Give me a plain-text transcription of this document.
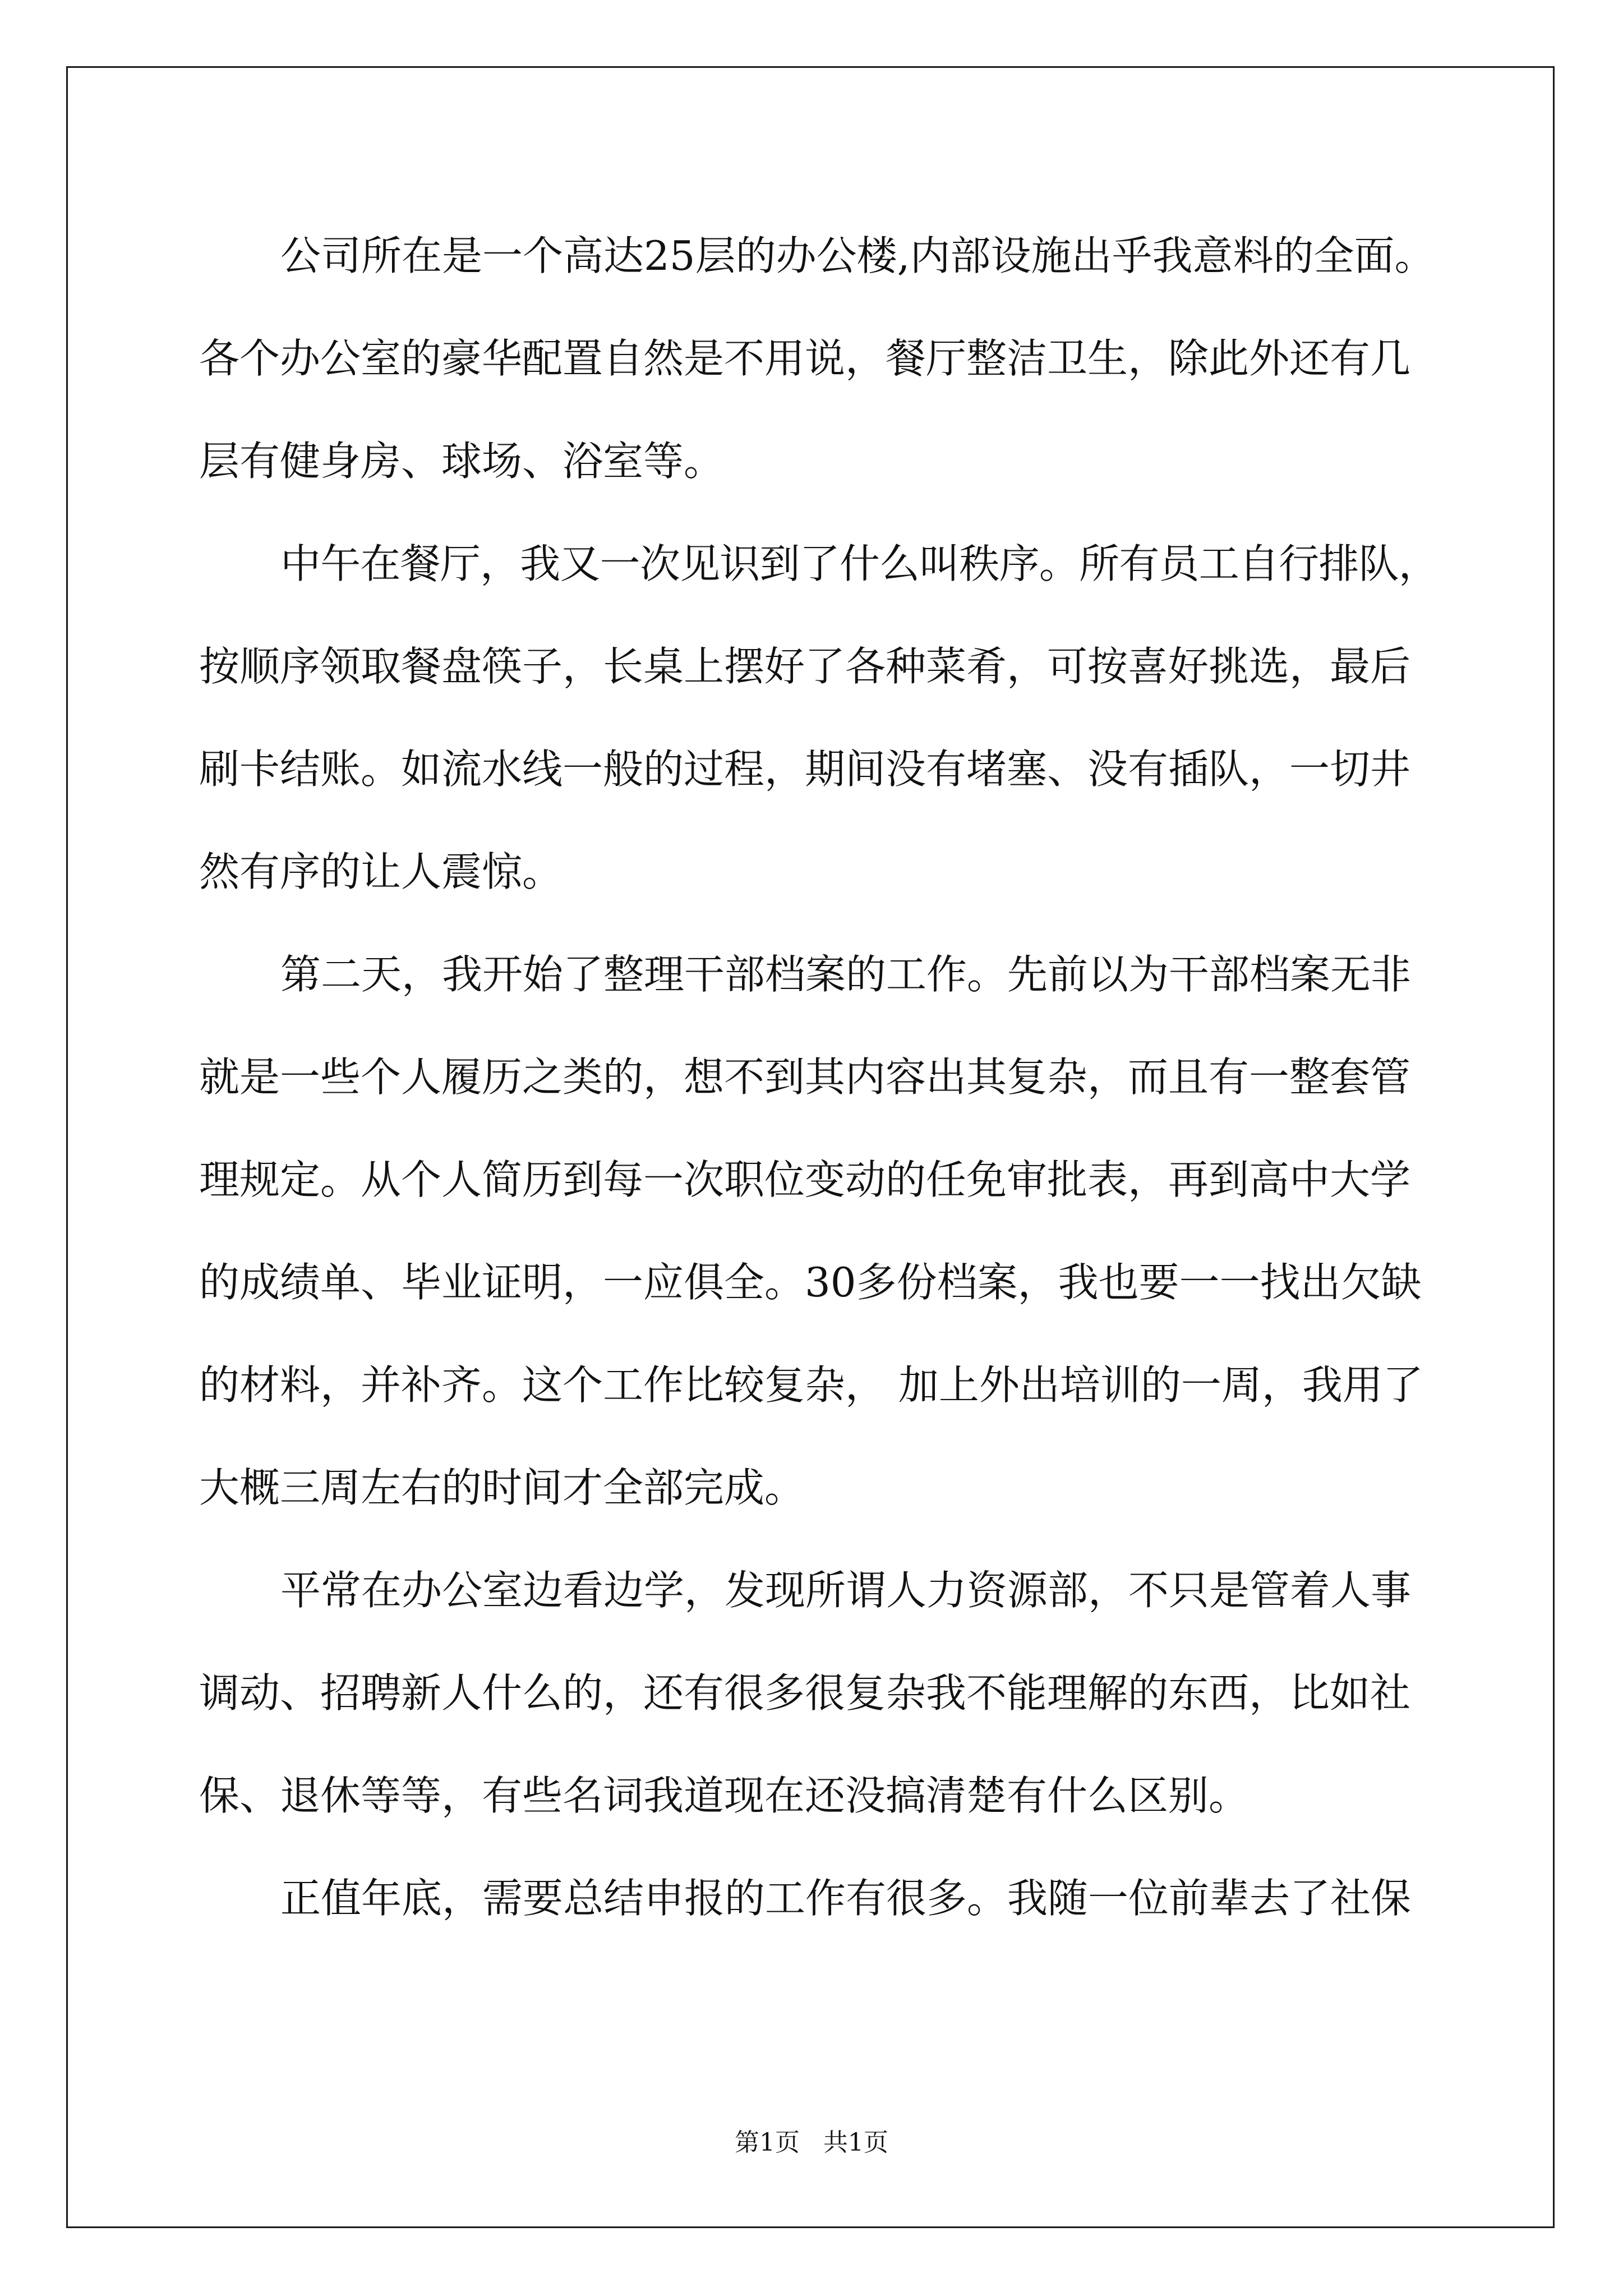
公司所在是一个高达25层的办公楼,内部设施出乎我意料的全面。
各个办公室的豪华配置自然是不用说，餐厅整洁卫生，除此外还有几
层有健身房、球场、浴室等。
中午在餐厅，我又一次见识到了什么叫秩序。所有员工自行排队，
按顺序领取餐盘筷子，长桌上摆好了各种菜肴，可按喜好挑选，最后
刷卡结账。如流水线一般的过程，期间没有堵塞、没有插队，一切井
然有序的让人震惊。
第二天，我开始了整理干部档案的工作。先前以为干部档案无非
就是一些个人履历之类的，想不到其内容出其复杂，而且有一整套管
理规定。从个人简历到每一次职位变动的任免审批表，再到高中大学
的成绩单、毕业证明，一应俱全。30多份档案，我也要一一找出欠缺
的材料，并补齐。这个工作比较复杂， 加上外出培训的一周，我用了
大概三周左右的时间才全部完成。
平常在办公室边看边学，发现所谓人力资源部，不只是管着人事
调动、招聘新人什么的，还有很多很复杂我不能理解的东西，比如社
保、退休等等，有些名词我道现在还没搞清楚有什么区别。
正值年底，需要总结申报的工作有很多。我随一位前辈去了社保
第1页   共1页
